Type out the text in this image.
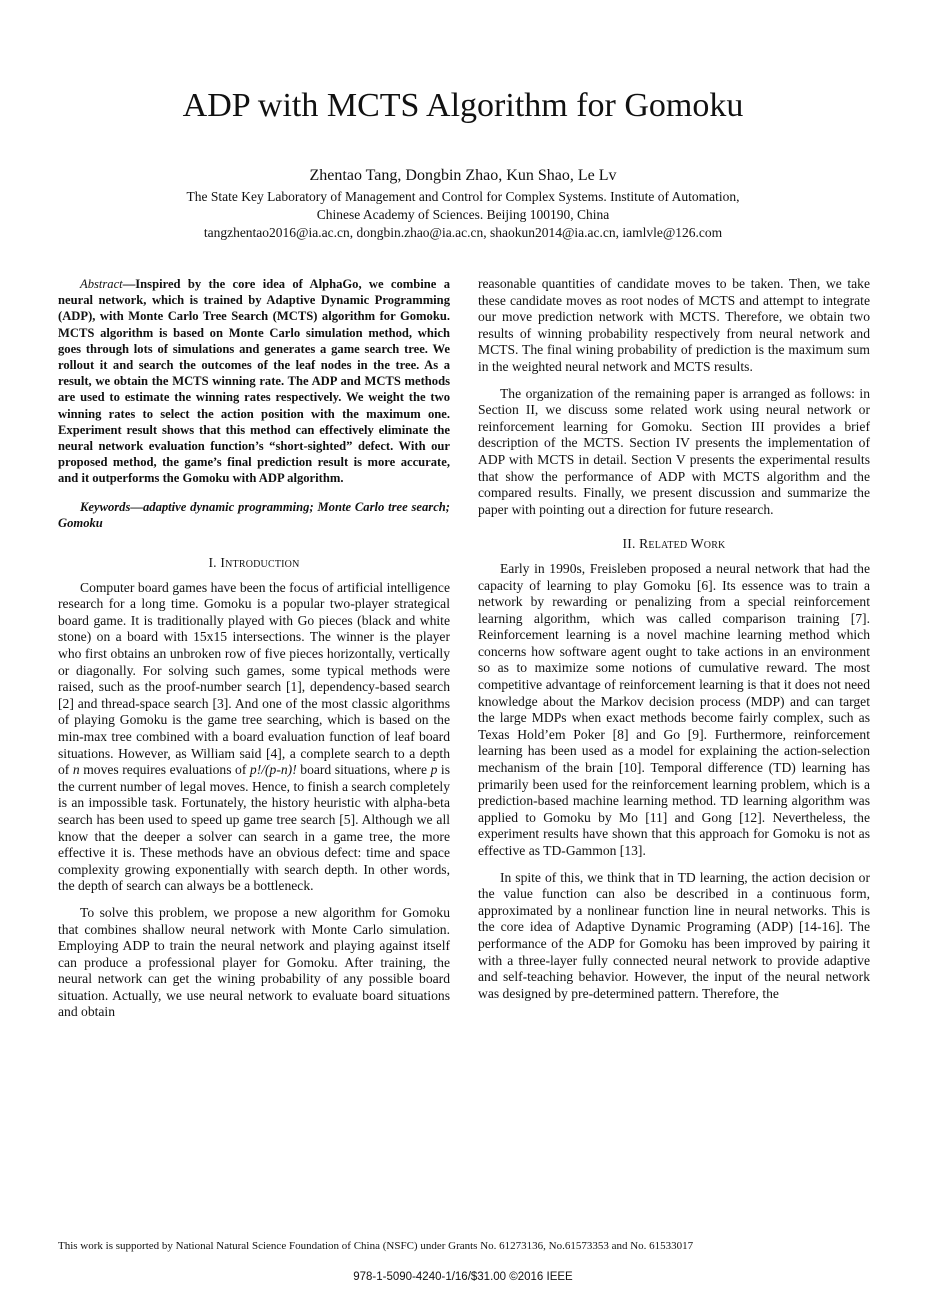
ADP with MCTS Algorithm for Gomoku
Zhentao Tang, Dongbin Zhao, Kun Shao, Le Lv
The State Key Laboratory of Management and Control for Complex Systems. Institute of Automation,
Chinese Academy of Sciences. Beijing 100190, China
tangzhentao2016@ia.ac.cn, dongbin.zhao@ia.ac.cn, shaokun2014@ia.ac.cn, iamlvle@126.com

Abstract—Inspired by the core idea of AlphaGo, we combine a neural network, which is trained by Adaptive Dynamic Programming (ADP), with Monte Carlo Tree Search (MCTS) algorithm for Gomoku. MCTS algorithm is based on Monte Carlo simulation method, which goes through lots of simulations and generates a game search tree. We rollout it and search the outcomes of the leaf nodes in the tree. As a result, we obtain the MCTS winning rate. The ADP and MCTS methods are used to estimate the winning rates respectively. We weight the two winning rates to select the action position with the maximum one. Experiment result shows that this method can effectively eliminate the neural network evaluation function’s “short-sighted” defect. With our proposed method, the game’s final prediction result is more accurate, and it outperforms the Gomoku with ADP algorithm.

Keywords—adaptive dynamic programming; Monte Carlo tree search; Gomoku

I. Introduction

Computer board games have been the focus of artificial intelligence research for a long time. Gomoku is a popular two-player strategical board game. It is traditionally played with Go pieces (black and white stone) on a board with 15x15 intersections. The winner is the player who first obtains an unbroken row of five pieces horizontally, vertically or diagonally. For solving such games, some typical methods were raised, such as the proof-number search [1], dependency-based search [2] and thread-space search [3]. And one of the most classic algorithms of playing Gomoku is the game tree searching, which is based on the min-max tree combined with a board evaluation function of leaf board situations. However, as William said [4], a complete search to a depth of n moves requires evaluations of p!/(p-n)! board situations, where p is the current number of legal moves. Hence, to finish a search completely is an impossible task. Fortunately, the history heuristic with alpha-beta search has been used to speed up game tree search [5]. Although we all know that the deeper a solver can search in a game tree, the more effective it is. These methods have an obvious defect: time and space complexity growing exponentially with search depth. In other words, the depth of search can always be a bottleneck.

To solve this problem, we propose a new algorithm for Gomoku that combines shallow neural network with Monte Carlo simulation. Employing ADP to train the neural network and playing against itself can produce a professional player for Gomoku. After training, the neural network can get the wining probability of any possible board situation. Actually, we use neural network to evaluate board situations and obtain

reasonable quantities of candidate moves to be taken. Then, we take these candidate moves as root nodes of MCTS and attempt to integrate our move prediction network with MCTS. Therefore, we obtain two results of winning probability respectively from neural network and MCTS. The final wining probability of prediction is the maximum sum in the weighted neural network and MCTS results.

The organization of the remaining paper is arranged as follows: in Section II, we discuss some related work using neural network or reinforcement learning for Gomoku. Section III provides a brief description of the MCTS. Section IV presents the implementation of ADP with MCTS in detail. Section V presents the experimental results that show the performance of ADP with MCTS algorithm and the compared results. Finally, we present discussion and summarize the paper with pointing out a direction for future research.

II. Related Work

Early in 1990s, Freisleben proposed a neural network that had the capacity of learning to play Gomoku [6]. Its essence was to train a network by rewarding or penalizing from a special reinforcement learning algorithm, which was called comparison training [7]. Reinforcement learning is a novel machine learning method which concerns how software agent ought to take actions in an environment so as to maximize some notions of cumulative reward. The most competitive advantage of reinforcement learning is that it does not need knowledge about the Markov decision process (MDP) and can target the large MDPs when exact methods become fairly complex, such as Texas Hold’em Poker [8] and Go [9]. Furthermore, reinforcement learning has been used as a model for explaining the action-selection mechanism of the brain [10]. Temporal difference (TD) learning has primarily been used for the reinforcement learning problem, which is a prediction-based machine learning method. TD learning algorithm was applied to Gomoku by Mo [11] and Gong [12]. Nevertheless, the experiment results have shown that this approach for Gomoku is not as effective as TD-Gammon [13].

In spite of this, we think that in TD learning, the action decision or the value function can also be described in a continuous form, approximated by a nonlinear function line in neural networks. This is the core idea of Adaptive Dynamic Programing (ADP) [14-16]. The performance of the ADP for Gomoku has been improved by pairing it with a three-layer fully connected neural network to provide adaptive and self-teaching behavior. However, the input of the neural network was designed by pre-determined pattern. Therefore, the

This work is supported by National Natural Science Foundation of China (NSFC) under Grants No. 61273136, No.61573353 and No. 61533017
978-1-5090-4240-1/16/$31.00 ©2016 IEEE
